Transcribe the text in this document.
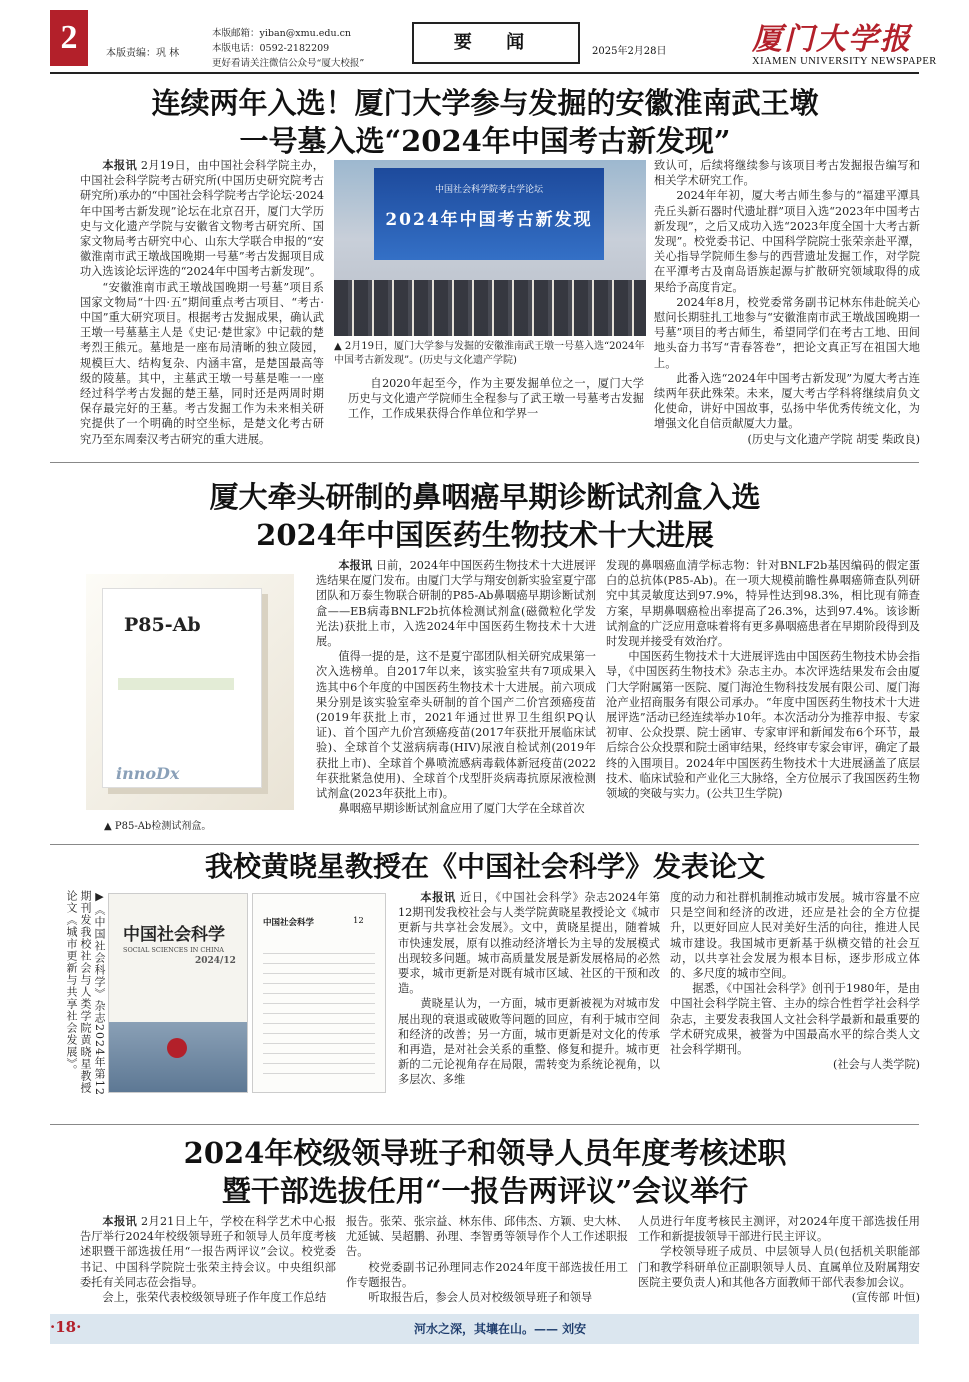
2	本版责编：巩 林
本版邮箱：yiban@xmu.edu.cn
本版电话：0592-2182209
更好看请关注微信公众号“厦大校报”
要 闻	2025年2月28日	厦门大学报
XIAMEN UNIVERSITY NEWSPAPER
连续两年入选！厦门大学参与发掘的安徽淮南武王墩
一号墓入选“2024年中国考古新发现”

本报讯 2月19日，由中国社会科学院主办，中国社会科学院考古研究所(中国历史研究院考古研究所)承办的“中国社会科学院考古学论坛·2024年中国考古新发现”论坛在北京召开，厦门大学历史与文化遗产学院与安徽省文物考古研究所、国家文物局考古研究中心、山东大学联合申报的“安徽淮南市武王墩战国晚期一号墓”考古发掘项目成功入选该论坛评选的“2024年中国考古新发现”。

“安徽淮南市武王墩战国晚期一号墓”项目系国家文物局“十四·五”期间重点考古项目、“考古·中国”重大研究项目。根据考古发掘成果，确认武王墩一号墓墓主人是《史记·楚世家》中记载的楚考烈王熊元。墓地是一座布局清晰的独立陵园，规模巨大、结构复杂、内涵丰富，是楚国最高等级的陵墓。其中，主墓武王墩一号墓是唯一一座经过科学考古发掘的楚王墓，同时还是两周时期保存最完好的王墓。考古发掘工作为未来相关研究提供了一个明确的时空坐标，是楚文化考古研究乃至东周秦汉考古研究的重大进展。

中国社会科学院考古学论坛
2024年中国考古新发现
▲ 2月19日，厦门大学参与发掘的安徽淮南武王墩一号墓入选“2024年中国考古新发现”。(历史与文化遗产学院)

自2020年起至今，作为主要发掘单位之一，厦门大学历史与文化遗产学院师生全程参与了武王墩一号墓考古发掘工作，工作成果获得合作单位和学界一

致认可，后续将继续参与该项目考古发掘报告编写和相关学术研究工作。

2024年年初，厦大考古师生参与的“福建平潭具壳丘头新石器时代遗址群”项目入选“2023年中国考古新发现”，之后又成功入选“2023年度全国十大考古新发现”。校党委书记、中国科学院院士张荣亲赴平潭，关心指导学院师生参与的西营遗址发掘工作，对学院在平潭考古及南岛语族起源与扩散研究领域取得的成果给予高度肯定。

2024年8月，校党委常务副书记林东伟赴皖关心慰问长期驻扎工地参与“安徽淮南市武王墩战国晚期一号墓”项目的考古师生，希望同学们在考古工地、田间地头奋力书写“青春答卷”，把论文真正写在祖国大地上。

此番入选“2024年中国考古新发现”为厦大考古连续两年获此殊荣。未来，厦大考古学科将继续肩负文化使命，讲好中国故事，弘扬中华优秀传统文化，为增强文化自信贡献厦大力量。

(历史与文化遗产学院 胡雯 柴政良)

厦大牵头研制的鼻咽癌早期诊断试剂盒入选
2024年中国医药生物技术十大进展
P85-Ab
innoDx
▲ P85-Ab检测试剂盒。

本报讯 日前，2024年中国医药生物技术十大进展评选结果在厦门发布。由厦门大学与翔安创新实验室夏宁邵团队和万泰生物联合研制的P85-Ab鼻咽癌早期诊断试剂盒——EB病毒BNLF2b抗体检测试剂盒(磁微粒化学发光法)获批上市，入选2024年中国医药生物技术十大进展。

值得一提的是，这不是夏宁邵团队相关研究成果第一次入选榜单。自2017年以来，该实验室共有7项成果入选其中6个年度的中国医药生物技术十大进展。前六项成果分别是该实验室牵头研制的首个国产二价宫颈癌疫苗(2019年获批上市，2021年通过世界卫生组织PQ认证)、首个国产九价宫颈癌疫苗(2017年获批开展临床试验)、全球首个艾滋病病毒(HIV)尿液自检试剂(2019年获批上市)、全球首个鼻喷流感病毒载体新冠疫苗(2022年获批紧急使用)、全球首个戊型肝炎病毒抗原尿液检测试剂盒(2023年获批上市)。

鼻咽癌早期诊断试剂盒应用了厦门大学在全球首次

发现的鼻咽癌血清学标志物：针对BNLF2b基因编码的假定蛋白的总抗体(P85-Ab)。在一项大规模前瞻性鼻咽癌筛查队列研究中其灵敏度达到97.9%，特异性达到98.3%，相比现有筛查方案，早期鼻咽癌检出率提高了26.3%，达到97.4%。该诊断试剂盒的广泛应用意味着将有更多鼻咽癌患者在早期阶段得到及时发现并接受有效治疗。

中国医药生物技术十大进展评选由中国医药生物技术协会指导，《中国医药生物技术》杂志主办。本次评选结果发布会由厦门大学附属第一医院、厦门海沧生物科技发展有限公司、厦门海沧产业招商服务有限公司承办。“年度中国医药生物技术十大进展评选”活动已经连续举办10年。本次活动分为推荐申报、专家初审、公众投票、院士函审、专家审评和新闻发布6个环节，最后综合公众投票和院士函审结果，经终审专家会审评，确定了最终的入围项目。2024年中国医药生物技术十大进展涵盖了底层技术、临床试验和产业化三大脉络，全方位展示了我国医药生物领域的突破与实力。(公共卫生学院)

我校黄晓星教授在《中国社会科学》发表论文
▶《中国社会科学》杂志2024年第12期刊发我校社会与人类学院黄晓星教授论文《城市更新与共享社会发展》。	中国社会科学
SOCIAL SCIENCES IN CHINA
2024/12
中国社会科学	12

本报讯 近日，《中国社会科学》杂志2024年第12期刊发我校社会与人类学院黄晓星教授论文《城市更新与共享社会发展》。文中，黄晓星提出，随着城市快速发展，原有以推动经济增长为主导的发展模式出现较多问题。城市高质量发展是新发展格局的必然要求，城市更新是对既有城市区域、社区的干预和改造。

黄晓星认为，一方面，城市更新被视为对城市发展出现的衰退或破败等问题的回应，有利于城市空间和经济的改善；另一方面，城市更新是对文化的传承和再造，是对社会关系的重整、修复和提升。城市更新的二元论视角存在局限，需转变为系统论视角，以多层次、多维

度的动力和社群机制推动城市发展。城市容量不应只是空间和经济的改进，还应是社会的全方位提升，以更好回应人民对美好生活的向往，推进人民城市建设。我国城市更新基于纵横交错的社会互动，以共享社会发展为根本目标，逐步形成立体的、多尺度的城市空间。

据悉，《中国社会科学》创刊于1980年，是由中国社会科学院主管、主办的综合性哲学社会科学杂志，主要发表我国人文社会科学最新和最重要的学术研究成果，被誉为中国最高水平的综合类人文社会科学期刊。

(社会与人类学院)

2024年校级领导班子和领导人员年度考核述职
暨干部选拔任用“一报告两评议”会议举行

本报讯 2月21日上午，学校在科学艺术中心报告厅举行2024年校级领导班子和领导人员年度考核述职暨干部选拔任用“一报告两评议”会议。校党委书记、中国科学院院士张荣主持会议。中央组织部委托有关同志莅会指导。

会上，张荣代表校级领导班子作年度工作总结

报告。张荣、张宗益、林东伟、邱伟杰、方颖、史大林、尤延铖、吴超鹏、孙理、李智勇等领导作个人工作述职报告。

校党委副书记孙理同志作2024年度干部选拔任用工作专题报告。

听取报告后，参会人员对校级领导班子和领导

人员进行年度考核民主测评，对2024年度干部选拔任用工作和新提拔领导干部进行民主评议。

学校领导班子成员、中层领导人员(包括机关职能部门和教学科研单位正副职领导人员、直属单位及附属翔安医院主要负责人)和其他各方面教师干部代表参加会议。

(宣传部 叶恒)

·18·	河水之深，其壤在山。—— 刘安
